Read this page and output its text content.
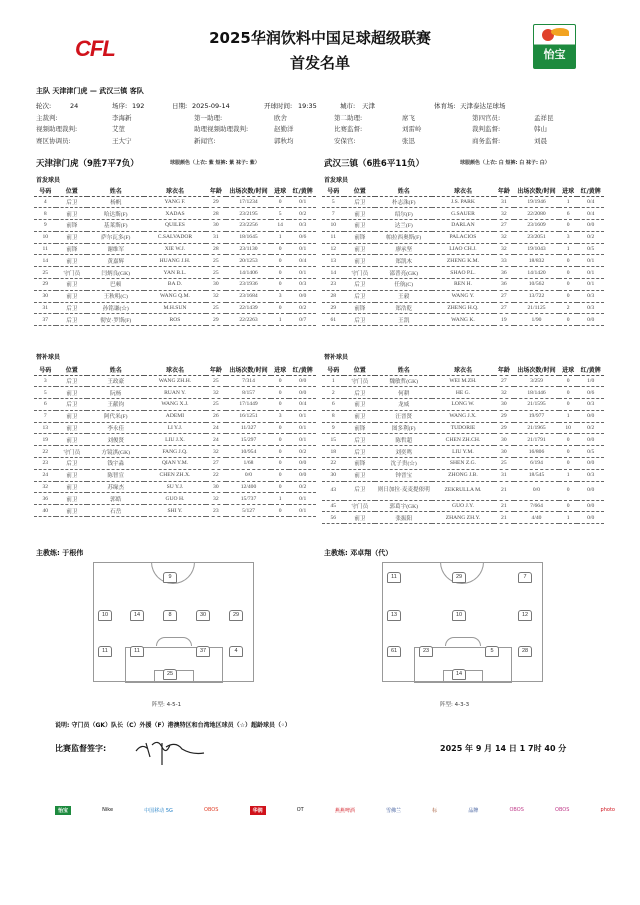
CFL	2025华润饮料中国足球超级联赛
首发名单	怡宝
主队 天津津门虎 — 武汉三镇 客队
轮次:	24	场序: 192	日期: 2025-09-14	开球时间: 19:35	城市:	天津	体育场: 天津泰达足球场
主裁判:	李海新	第一助理:	欧舍	第二助理:	席飞	第四官员:	孟祥昆
视频助理裁判:	艾堃	助理视频助理裁判:	赵勤洋	比赛监督:	刘雷岭	裁判监督:	韩山
赛区协调员:	王大宁	新闻官:	郭秋均	安保官:	张迅	商务监督:	刘晨
天津津门虎（9胜7平7负）	球服颜色（上衣: 紫 短裤: 紫 袜子: 紫）	武汉三镇（6胜6平11负）	球服颜色（上衣: 白 短裤: 白 袜子: 白）
首发球员
号码	位置	姓名	球衣名	年龄	出场次数/时间	进球	红/黄牌
4	后卫	杨帆	YANG F.	29	17/1234	0	0/1
8	前卫	哈达斯(F)	XADAS	28	23/2195	5	0/2
9	前锋	基莱斯(F)	QUILES	30	23/2256	14	0/3
10	前卫	萨尔瓦多(F)	C.SALVADOR	31	18/1645	1	0/6
11	前锋	谢维军	XIE W.J.	28	23/1130	0	0/1
14	前卫	黄嘉辉	HUANG J.H.	25	20/1253	0	0/4
25	守门员	闫炳良(GK)	YAN B.L.	25	14/1406	0	0/1
29	前卫	巴顿	BA D.	30	23/1936	0	0/3
30	前卫	王秋明(C)	WANG Q.M.	32	23/1684	3	0/0
31	后卫	孙铭谦(☆)	M.H.SUN	25	22/1439	0	0/2
37	后卫	彻安·罗斯(F)	ROS	29	22/2263	1	0/7
首发球员
号码	位置	姓名	球衣名	年龄	出场次数/时间	进球	红/黄牌
5	后卫	朴志洙(F)	J.S. PARK	31	19/1946	1	0/4
7	前卫	绍尔(F)	G.SAUER	32	22/2080	6	0/4
10	前卫	达兰(F)	DARLAN	27	23/1609	0	0/0
11	前锋	帕拉西奥斯(F)	PALACIOS	32	23/2051	3	0/2
12	前卫	廖承坚	LIAO CH.J.	32	19/1043	1	0/5
13	前卫	郑凯木	ZHENG K.M.	33	18/832	0	0/1
14	守门员	邵普亮(GK)	SHAO P.L.	36	14/1420	0	0/1
23	后卫	任航(C)	REN H.	36	10/562	0	0/1
28	后卫	王毅	WANG Y.	27	13/722	0	0/3
29	前锋	郑浩乾	ZHENG H.Q.	27	21/1125	2	0/3
61	后卫	王凯	WANG K.	19	1/90	0	0/0
替补球员
号码	位置	姓名	球衣名	年龄	出场次数/时间	进球	红/黄牌
3	后卫	王政豪	WANG ZH.H.	25	7/314	0	0/0
5	前卫	阮杨	RUAN Y.	32	8/157	0	0/0
6	后卫	王献钧	WANG X.J.	25	17/1449	0	0/4
7	前卫	阿代米(F)	ADEMI	26	16/1251	3	0/1
13	前卫	李永佳	LI Y.J.	24	11/327	0	0/1
19	前卫	刘俊贤	LIU J.X.	24	15/297	0	0/1
22	守门员	方镜淇(GK)	FANG J.Q.	32	10/954	0	0/2
23	后卫	钱宇淼	QIAN Y.M.	27	1/68	0	0/0
24	前卫	陈智宣	CHEN ZH.X.	22	0/0	0	0/0
32	前卫	苏缘杰	SU Y.J.	30	12/400	0	0/2
36	前卫	郭皓	GUO H.	32	15/737	1	0/1
40	前卫	石岳	SHI Y.	23	5/127	0	0/1
替补球员
号码	位置	姓名	球衣名	年龄	出场次数/时间	进球	红/黄牌
1	守门员	魏敏哲(GK)	WEI M.ZH.	27	3/259	0	1/0
2	后卫	何耕	HE G.	32	18/1446	0	0/6
6	前卫	龙威	LONG W.	30	21/1595	0	0/3
8	前卫	汪晋贤	WANG J.X.	29	19/977	1	0/0
9	前锋	图多利(F)	TUDORIE	29	21/1965	10	0/2
15	后卫	陈哲超	CHEN ZH.CH.	30	21/1791	0	0/0
18	后卫	刘奕鸣	LIU Y.M.	30	16/806	0	0/5
22	前锋	沈子贵(☆)	SHEN Z.G.	25	6/194	0	0/0
30	前卫	钟晋宝	ZHONG J.B.	31	18/545	1	0/3
43	后卫	则日加拉·麦麦提依明	ZEKRULLA M.	21	0/0	0	0/0
45	守门员	郭葛宇(GK)	GUO J.Y.	21	7/664	0	0/0
56	前卫	张振阳	ZHANG ZH.Y.	21	4/40	1	0/0
主教练: 于根伟	主教练: 邓卓翔（代）
9
10	14	8	30	29
11	11	37	4
25
阵型: 4-5-1
11	29	7
13	10	12
61	23	5	28
14
阵型: 4-3-3
说明: 守门员（GK）队长（C）外援（F）港澳特区和台湾地区球员（☆）超龄球员（◦）
比赛监督签字:	2025 年 9 月 14 日 1 7时 40 分
怡宝	Nike	中国移动 5G	OBOS	华润	OT	燕燕啤酒	雪佛兰	标	品牌	OBOS	OBOS	photo
